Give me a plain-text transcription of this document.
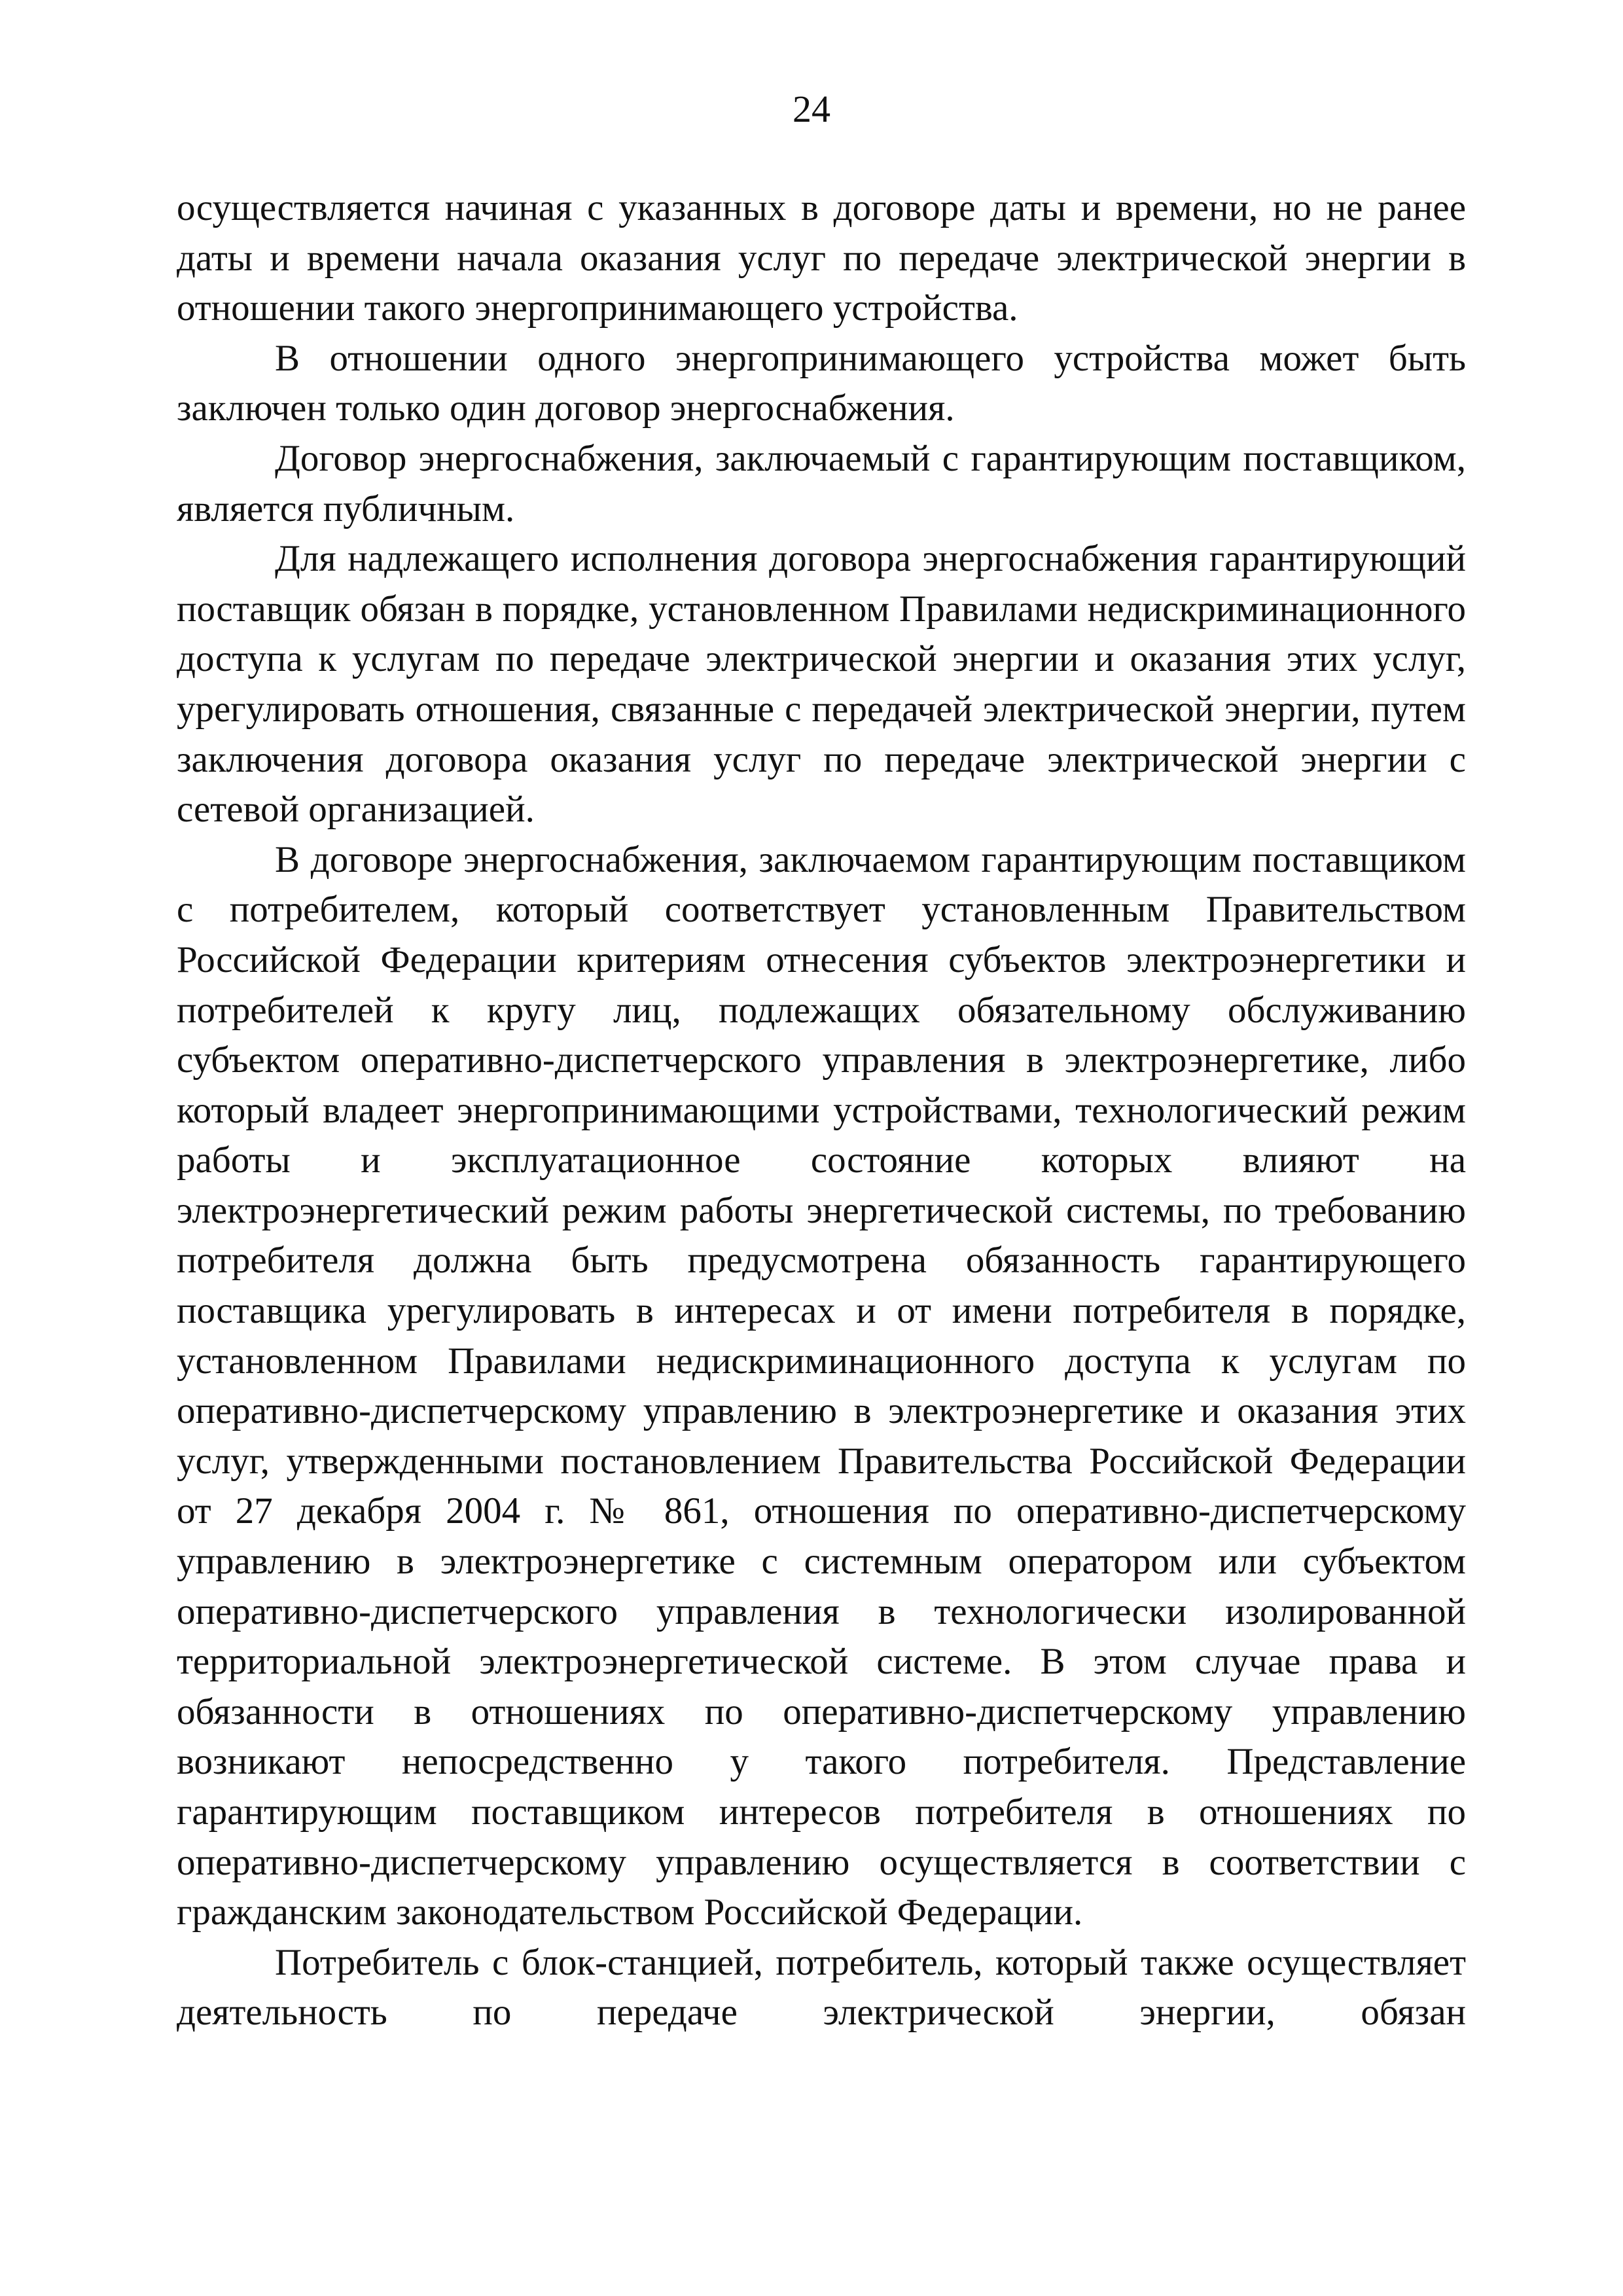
24

осуществляется начиная с указанных в договоре даты и времени, но не ранее даты и времени начала оказания услуг по передаче электрической энергии в отношении такого энергопринимающего устройства.

В отношении одного энергопринимающего устройства может быть заключен только один договор энергоснабжения.

Договор энергоснабжения, заключаемый с гарантирующим поставщиком, является публичным.

Для надлежащего исполнения договора энергоснабжения гарантирующий поставщик обязан в порядке, установленном Правилами недискриминационного доступа к услугам по передаче электрической энергии и оказания этих услуг, урегулировать отношения, связанные с передачей электрической энергии, путем заключения договора оказания услуг по передаче электрической энергии с сетевой организацией.

В договоре энергоснабжения, заключаемом гарантирующим поставщиком с потребителем, который соответствует установленным Правительством Российской Федерации критериям отнесения субъектов электроэнергетики и потребителей к кругу лиц, подлежащих обязательному обслуживанию субъектом оперативно-диспетчерского управления в электроэнергетике, либо который владеет энергопринимающими устройствами, технологический режим работы и эксплуатационное состояние которых влияют на электроэнергетический режим работы энергетической системы, по требованию потребителя должна быть предусмотрена обязанность гарантирующего поставщика урегулировать в интересах и от имени потребителя в порядке, установленном Правилами недискриминационного доступа к услугам по оперативно-диспетчерскому управлению в электроэнергетике и оказания этих услуг, утвержденными постановлением Правительства Российской Федерации от 27 декабря 2004 г. № 861, отношения по оперативно-диспетчерскому управлению в электроэнергетике с системным оператором или субъектом оперативно-диспетчерского управления в технологически изолированной территориальной электроэнергетической системе. В этом случае права и обязанности в отношениях по оперативно-диспетчерскому управлению возникают непосредственно у такого потребителя. Представление гарантирующим поставщиком интересов потребителя в отношениях по оперативно-диспетчерскому управлению осуществляется в соответствии с гражданским законодательством Российской Федерации.

Потребитель с блок-станцией, потребитель, который также осуществляет деятельность по передаче электрической энергии, обязан
